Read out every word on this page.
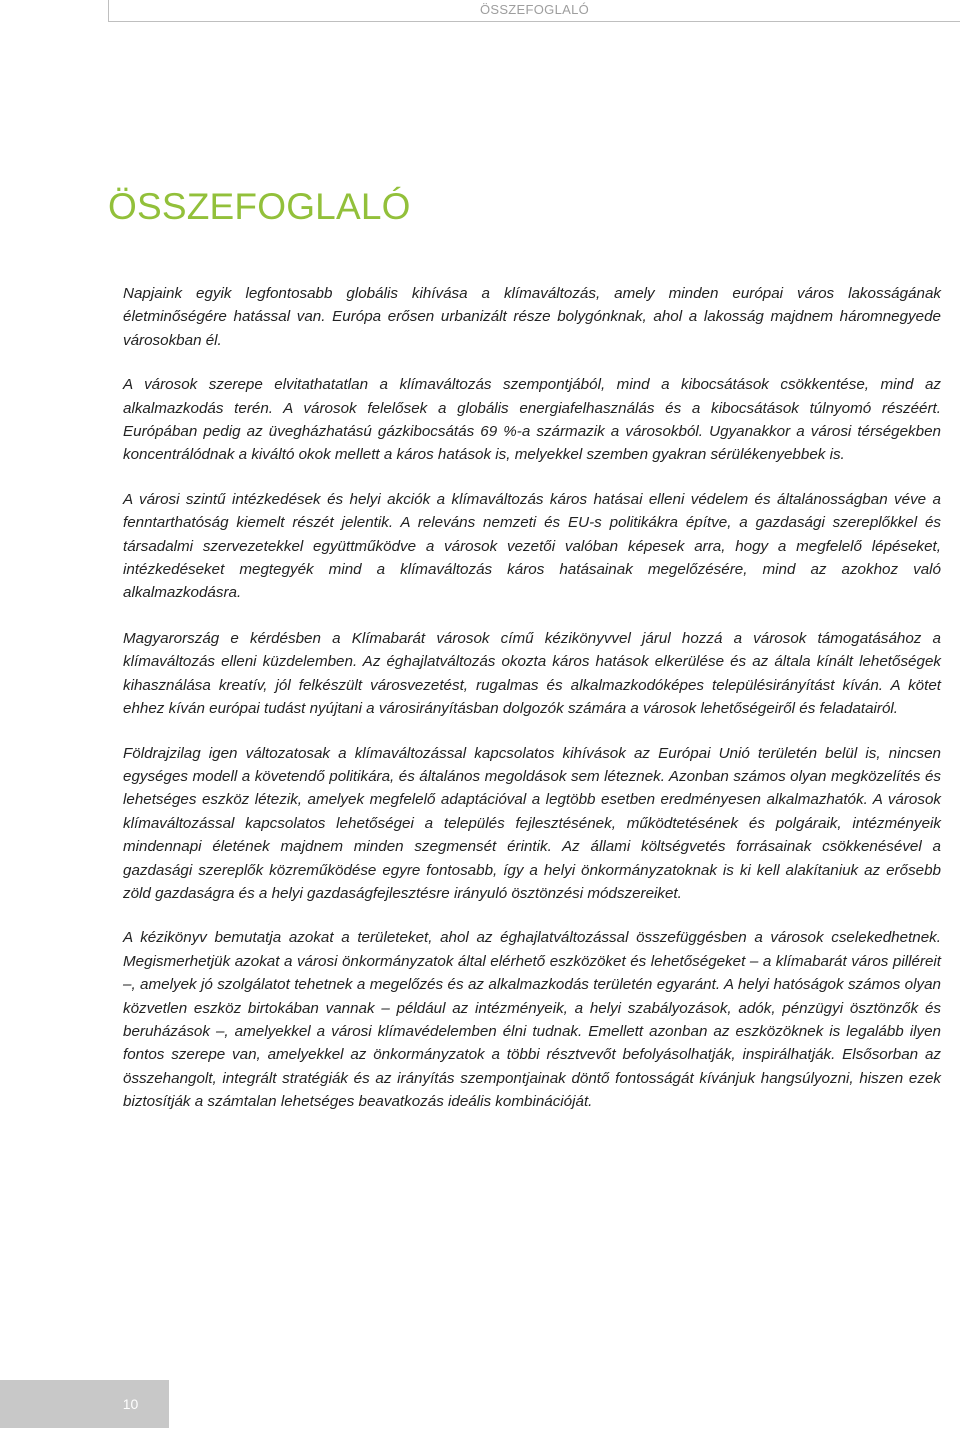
ÖSSZEFOGLALÓ
ÖSSZEFOGLALÓ

Napjaink egyik legfontosabb globális kihívása a klímaváltozás, amely minden európai város lakosságának életminőségére hatással van. Európa erősen urbanizált része bolygónknak, ahol a lakosság majdnem háromnegyede városokban él.

A városok szerepe elvitathatatlan a klímaváltozás szempontjából, mind a kibocsátások csökkentése, mind az alkalmazkodás terén. A városok felelősek a globális energiafelhasználás és a kibocsátások túlnyomó részéért. Európában pedig az üvegházhatású gázkibocsátás 69 %-a származik a városokból. Ugyanakkor a városi térségekben koncentrálódnak a kiváltó okok mellett a káros hatások is, melyekkel szemben gyakran sérülékenyebbek is.

A városi szintű intézkedések és helyi akciók a klímaváltozás káros hatásai elleni védelem és általánosságban véve a fenntarthatóság kiemelt részét jelentik. A releváns nemzeti és EU-s politikákra építve, a gazdasági szereplőkkel és társadalmi szervezetekkel együttműködve a városok vezetői valóban képesek arra, hogy a megfelelő lépéseket, intézkedéseket megtegyék mind a klímaváltozás káros hatásainak megelőzésére, mind az azokhoz való alkalmazkodásra.

Magyarország e kérdésben a Klímabarát városok című kézikönyvvel járul hozzá a városok támogatásához a klímaváltozás elleni küzdelemben. Az éghajlatváltozás okozta káros hatások elkerülése és az általa kínált lehetőségek kihasználása kreatív, jól felkészült városvezetést, rugalmas és alkalmazkodóképes településirányítást kíván. A kötet ehhez kíván európai tudást nyújtani a városirányításban dolgozók számára a városok lehetőségeiről és feladatairól.

Földrajzilag igen változatosak a klímaváltozással kapcsolatos kihívások az Európai Unió területén belül is, nincsen egységes modell a követendő politikára, és általános megoldások sem léteznek. Azonban számos olyan megközelítés és lehetséges eszköz létezik, amelyek megfelelő adaptációval a legtöbb esetben eredményesen alkalmazhatók. A városok klímaváltozással kapcsolatos lehetőségei a település fejlesztésének, működtetésének és polgáraik, intézményeik mindennapi életének majdnem minden szegmensét érintik. Az állami költségvetés forrásainak csökkenésével a gazdasági szereplők közreműködése egyre fontosabb, így a helyi önkormányzatoknak is ki kell alakítaniuk az erősebb zöld gazdaságra és a helyi gazdaságfejlesztésre irányuló ösztönzési módszereiket.

A kézikönyv bemutatja azokat a területeket, ahol az éghajlatváltozással összefüggésben a városok cselekedhetnek. Megismerhetjük azokat a városi önkormányzatok által elérhető eszközöket és lehetőségeket – a klímabarát város pilléreit –, amelyek jó szolgálatot tehetnek a megelőzés és az alkalmazkodás területén egyaránt. A helyi hatóságok számos olyan közvetlen eszköz birtokában vannak – például az intézményeik, a helyi szabályozások, adók, pénzügyi ösztönzők és beruházások –, amelyekkel a városi klímavédelemben élni tudnak. Emellett azonban az eszközöknek is legalább ilyen fontos szerepe van, amelyekkel az önkormányzatok a többi résztvevőt befolyásolhatják, inspirálhatják. Elsősorban az összehangolt, integrált stratégiák és az irányítás szempontjainak döntő fontosságát kívánjuk hangsúlyozni, hiszen ezek biztosítják a számtalan lehetséges beavatkozás ideális kombinációját.

10
